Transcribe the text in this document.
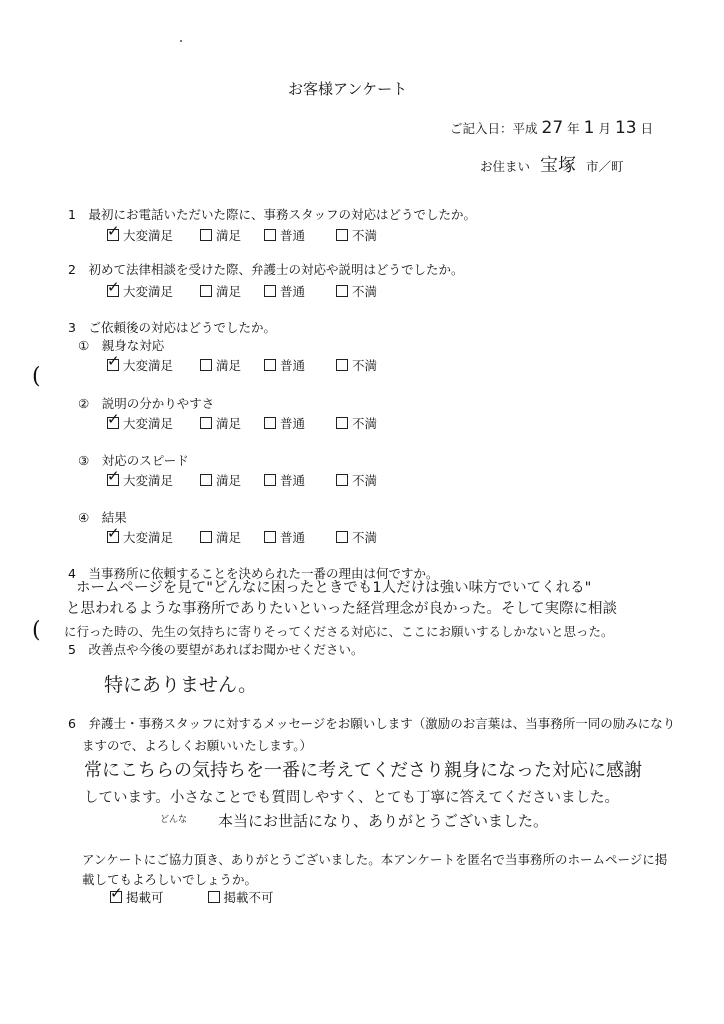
お客様アンケート
ご記入日：平成 27 年 1 月 13 日
お住まい 宝塚 市／町
1　最初にお電話いただいた際に、事務スタッフの対応はどうでしたか。
✓ 大変満足	満足	普通	不満
2　初めて法律相談を受けた際、弁護士の対応や説明はどうでしたか。
✓ 大変満足	満足	普通	不満
3　ご依頼後の対応はどうでしたか。
①　親身な対応
✓ 大変満足	満足	普通	不満
②　説明の分かりやすさ
✓ 大変満足	満足	普通	不満
③　対応のスピード
✓ 大変満足	満足	普通	不満
④　結果
✓ 大変満足	満足	普通	不満
(
(
4　当事務所に依頼することを決められた一番の理由は何ですか。
ホームページを見て"どんなに困ったときでも1人だけは強い味方でいてくれる"
と思われるような事務所でありたいといった経営理念が良かった。そして実際に相談
に行った時の、先生の気持ちに寄りそってくださる対応に、ここにお願いするしかないと思った。
5　改善点や今後の要望があればお聞かせください。
特にありません。
6　弁護士・事務スタッフに対するメッセージをお願いします（激励のお言葉は、当事務所一同の励みになり
ますので、よろしくお願いいたします。）
常にこちらの気持ちを一番に考えてくださり親身になった対応に感謝
しています。小さなことでも質問しやすく、とても丁寧に答えてくださいました。
どんな 本当にお世話になり、ありがとうございました。
アンケートにご協力頂き、ありがとうございました。本アンケートを匿名で当事務所のホームページに掲
載してもよろしいでしょうか。
✓ 掲載可	掲載不可
